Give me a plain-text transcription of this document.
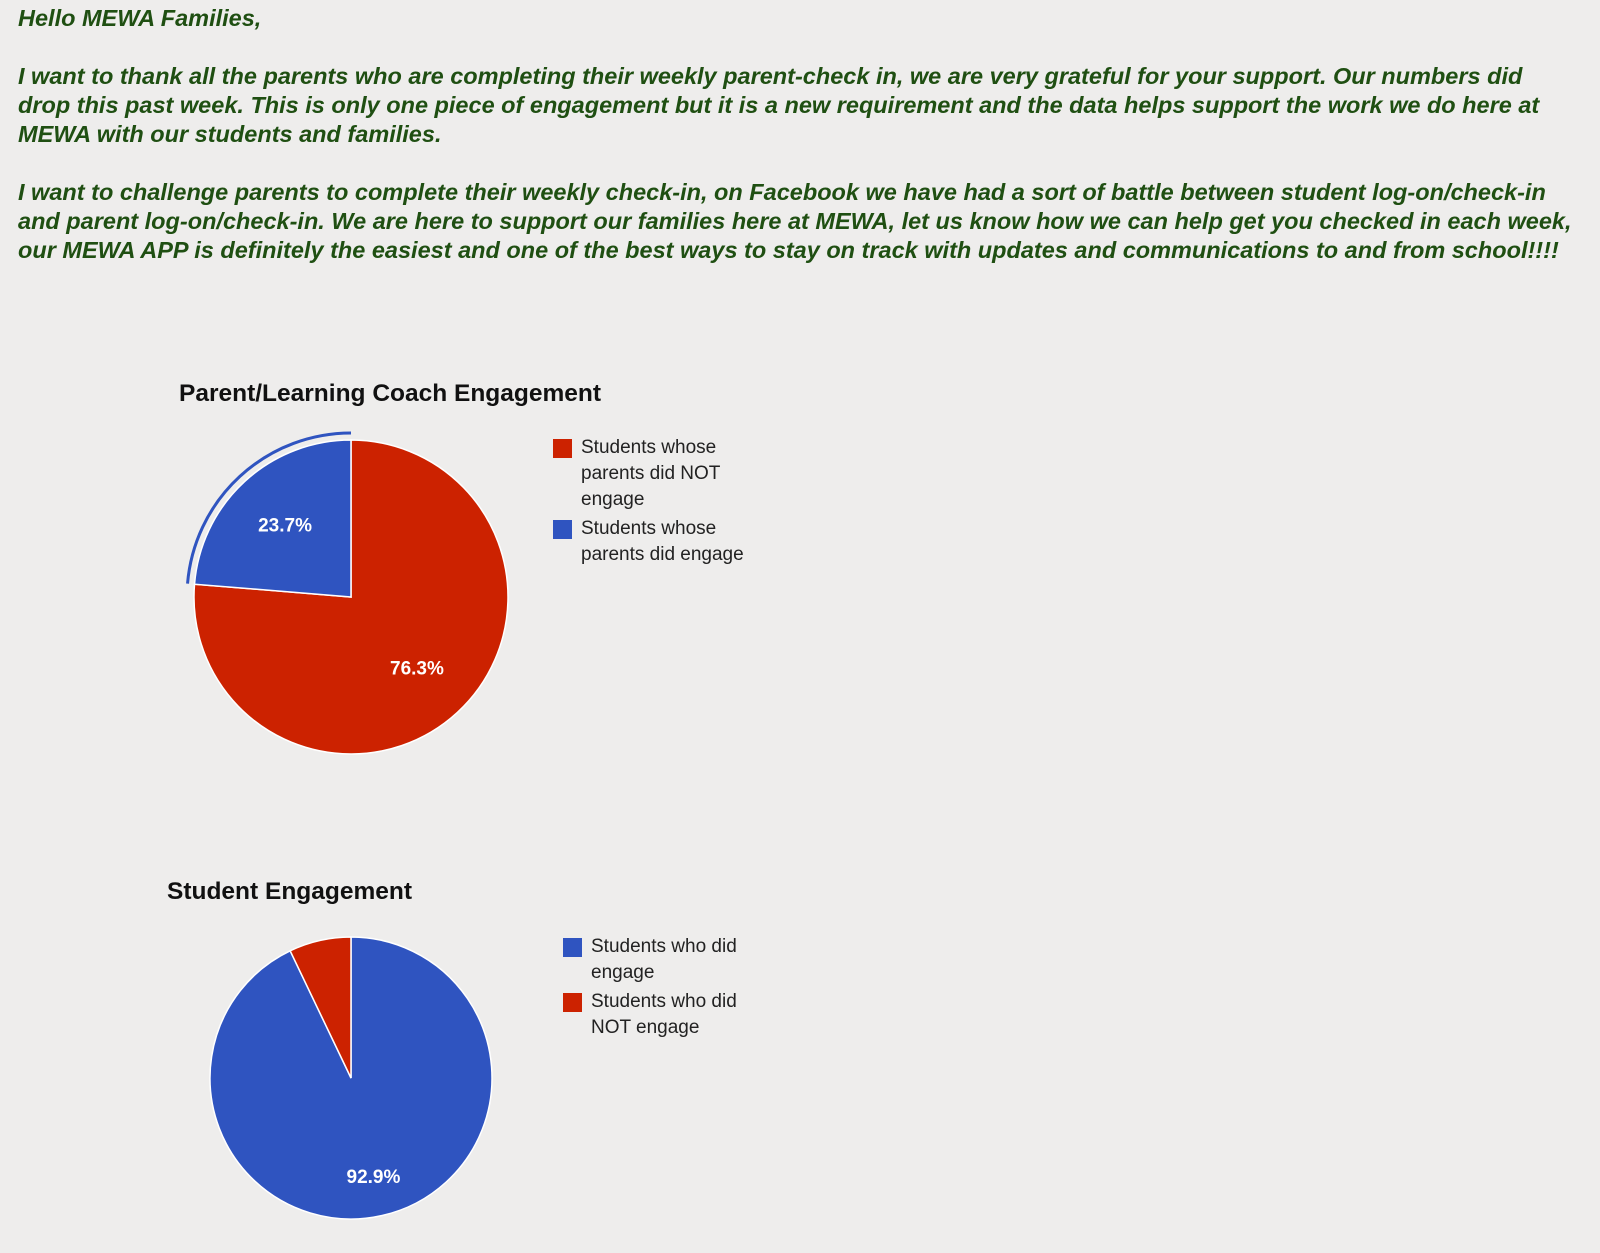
Hello MEWA Families,

I want to thank all the parents who are completing their weekly parent-check in, we are very grateful for your support. Our numbers did drop this past week. This is only one piece of engagement but it is a new requirement and the data helps support the work we do here at MEWA with our students and families.

I want to challenge parents to complete their weekly check-in, on Facebook we have had a sort of battle between student log-on/check-in and parent log-on/check-in. We are here to support our families here at MEWA, let us know how we can help get you checked in each week, our MEWA APP is definitely the easiest and one of the best ways to stay on track with updates and communications to and from school!!!!

Parent/Learning Coach Engagement
76.3%
23.7%
Students whose parents did NOT engage
Students whose parents did engage
Student Engagement
92.9%
Students who did engage
Students who did NOT engage
